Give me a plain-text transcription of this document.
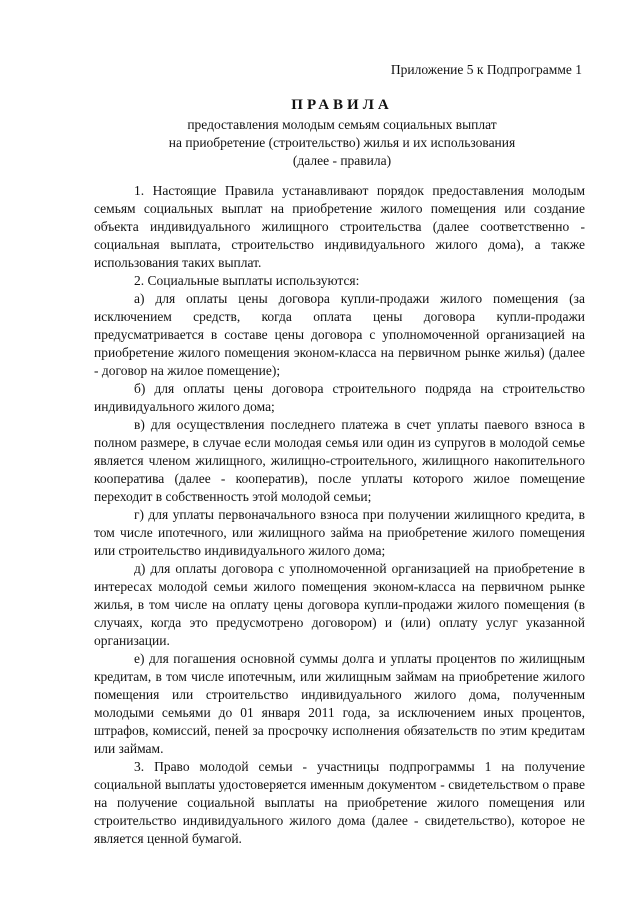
Приложение 5 к Подпрограмме 1
ПРАВИЛА
предоставления молодым семьям социальных выплат
на приобретение (строительство) жилья и их использования
(далее - правила)

1. Настоящие Правила устанавливают порядок предоставления молодым семьям социальных выплат на приобретение жилого помещения или создание объекта индивидуального жилищного строительства (далее соответственно - социальная выплата, строительство индивидуального жилого дома), а также использования таких выплат.

2. Социальные выплаты используются:

а) для оплаты цены договора купли-продажи жилого помещения (за исключением средств, когда оплата цены договора купли-продажи предусматривается в составе цены договора с уполномоченной организацией на приобретение жилого помещения эконом-класса на первичном рынке жилья) (далее - договор на жилое помещение);

б) для оплаты цены договора строительного подряда на строительство индивидуального жилого дома;

в) для осуществления последнего платежа в счет уплаты паевого взноса в полном размере, в случае если молодая семья или один из супругов в молодой семье является членом жилищного, жилищно-строительного, жилищного накопительного кооператива (далее - кооператив), после уплаты которого жилое помещение переходит в собственность этой молодой семьи;

г) для уплаты первоначального взноса при получении жилищного кредита, в том числе ипотечного, или жилищного займа на приобретение жилого помещения или строительство индивидуального жилого дома;

д) для оплаты договора с уполномоченной организацией на приобретение в интересах молодой семьи жилого помещения эконом-класса на первичном рынке жилья, в том числе на оплату цены договора купли-продажи жилого помещения (в случаях, когда это предусмотрено договором) и (или) оплату услуг указанной организации.

е) для погашения основной суммы долга и уплаты процентов по жилищным кредитам, в том числе ипотечным, или жилищным займам на приобретение жилого помещения или строительство индивидуального жилого дома, полученным молодыми семьями до 01 января 2011 года, за исключением иных процентов, штрафов, комиссий, пеней за просрочку исполнения обязательств по этим кредитам или займам.

3. Право молодой семьи - участницы подпрограммы 1 на получение социальной выплаты удостоверяется именным документом - свидетельством о праве на получение социальной выплаты на приобретение жилого помещения или строительство индивидуального жилого дома (далее - свидетельство), которое не является ценной бумагой.
